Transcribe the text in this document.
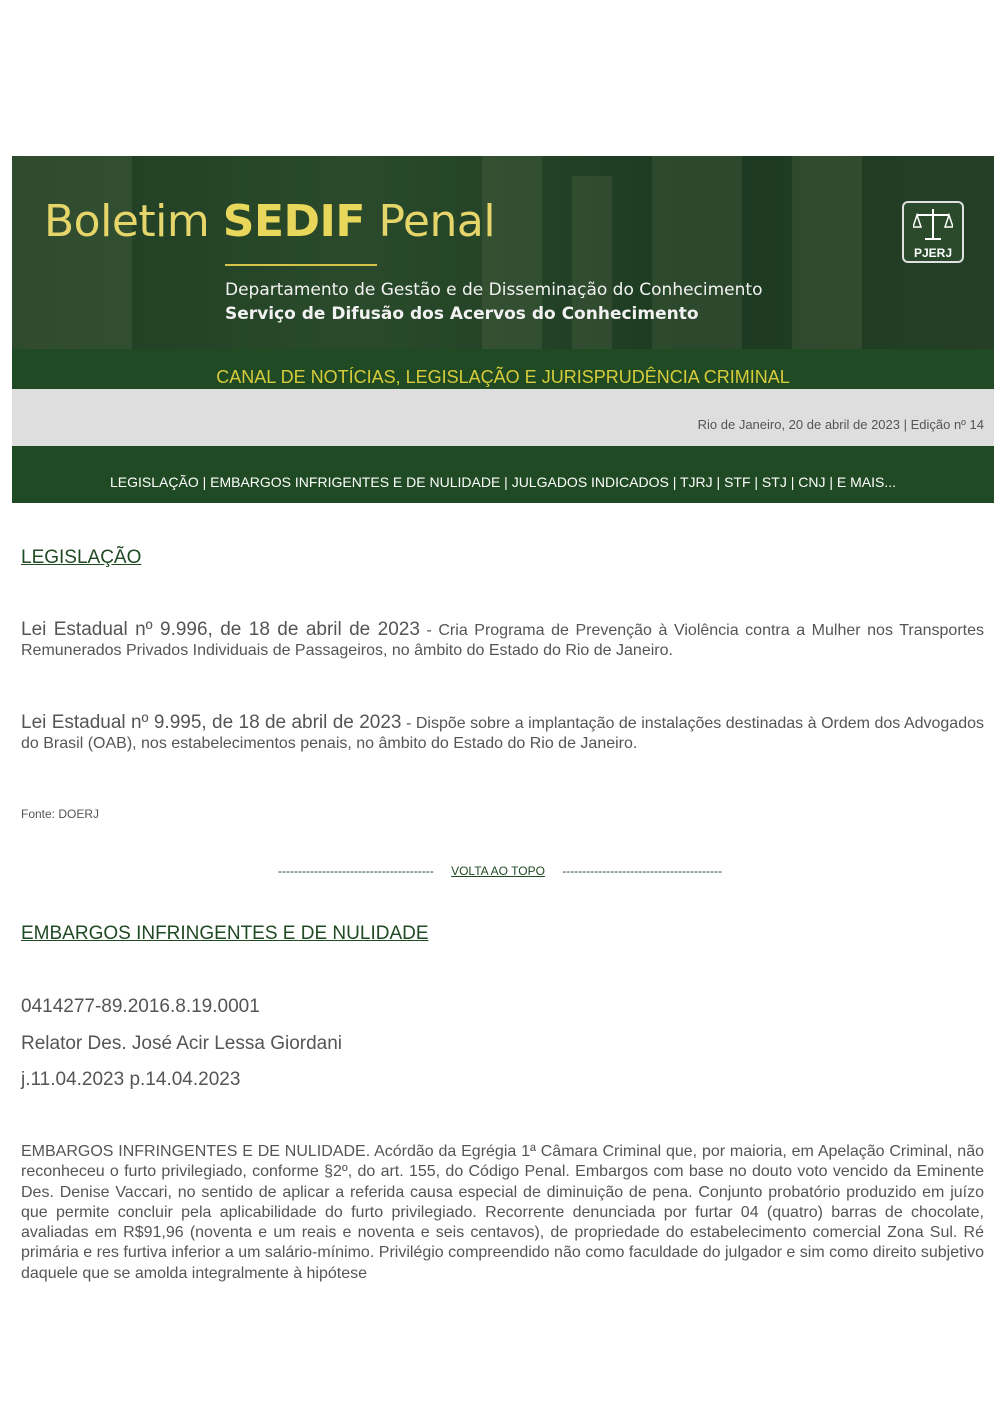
Boletim SEDIF Penal
Departamento de Gestão e de Disseminação do Conhecimento
Serviço de Difusão dos Acervos do Conhecimento
PJERJ
CANAL DE NOTÍCIAS, LEGISLAÇÃO E JURISPRUDÊNCIA CRIMINAL
Rio de Janeiro, 20 de abril de 2023 | Edição nº 14
LEGISLAÇÃO | EMBARGOS INFRIGENTES E DE NULIDADE | JULGADOS INDICADOS | TJRJ | STF | STJ | CNJ | E MAIS...
LEGISLAÇÃO
Lei Estadual nº 9.996, de 18 de abril de 2023 - Cria Programa de Prevenção à Violência contra a Mulher nos Transportes Remunerados Privados Individuais de Passageiros, no âmbito do Estado do Rio de Janeiro.
Lei Estadual nº 9.995, de 18 de abril de 2023 - Dispõe sobre a implantação de instalações destinadas à Ordem dos Advogados do Brasil (OAB), nos estabelecimentos penais, no âmbito do Estado do Rio de Janeiro.
Fonte: DOERJ
--------------------------------------- VOLTA AO TOPO ----------------------------------------
EMBARGOS INFRINGENTES E DE NULIDADE
0414277-89.2016.8.19.0001
Relator Des. José Acir Lessa Giordani
j.11.04.2023 p.14.04.2023
EMBARGOS INFRINGENTES E DE NULIDADE. Acórdão da Egrégia 1ª Câmara Criminal que, por maioria, em Apelação Criminal, não reconheceu o furto privilegiado, conforme §2º, do art. 155, do Código Penal. Embargos com base no douto voto vencido da Eminente Des. Denise Vaccari, no sentido de aplicar a referida causa especial de diminuição de pena. Conjunto probatório produzido em juízo que permite concluir pela aplicabilidade do furto privilegiado. Recorrente denunciada por furtar 04 (quatro) barras de chocolate, avaliadas em R$91,96 (noventa e um reais e noventa e seis centavos), de propriedade do estabelecimento comercial Zona Sul. Ré primária e res furtiva inferior a um salário-mínimo. Privilégio compreendido não como faculdade do julgador e sim como direito subjetivo daquele que se amolda integralmente à hipótese
